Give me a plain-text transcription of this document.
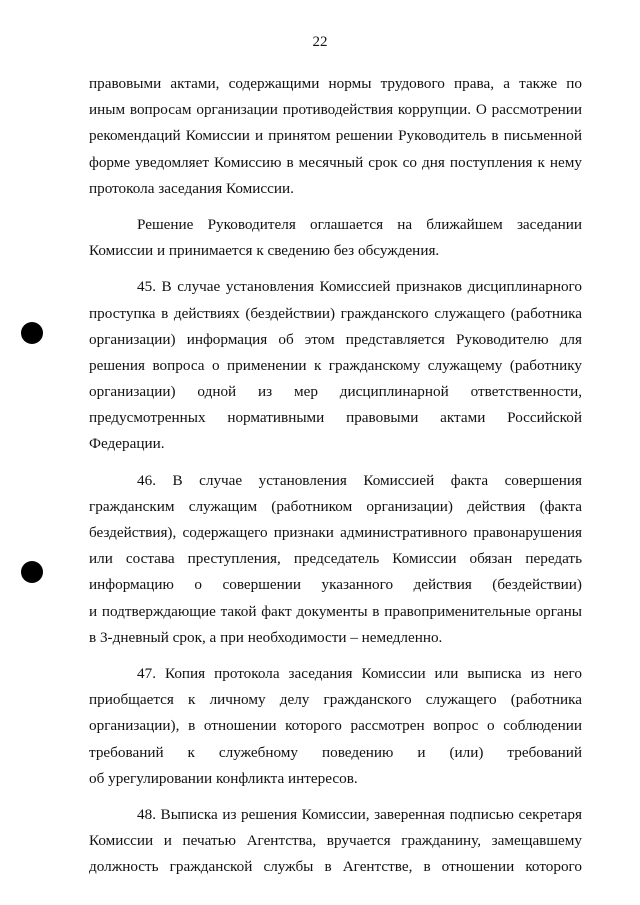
22
правовыми актами, содержащими нормы трудового права, а также по
иным вопросам организации противодействия коррупции. О рассмотрении
рекомендаций Комиссии и принятом решении Руководитель в письменной
форме уведомляет Комиссию в месячный срок со дня поступления к нему
протокола заседания Комиссии.
Решение Руководителя оглашается на ближайшем заседании
Комиссии и принимается к сведению без обсуждения.
45. В случае установления Комиссией признаков дисциплинарного
проступка в действиях (бездействии) гражданского служащего (работника
организации) информация об этом представляется Руководителю для
решения вопроса о применении к гражданскому служащему (работнику
организации) одной из мер дисциплинарной ответственности,
предусмотренных нормативными правовыми актами Российской
Федерации.
46. В случае установления Комиссией факта совершения
гражданским служащим (работником организации) действия (факта
бездействия), содержащего признаки административного правонарушения
или состава преступления, председатель Комиссии обязан передать
информацию о совершении указанного действия (бездействии)
и подтверждающие такой факт документы в правоприменительные органы
в 3-дневный срок, а при необходимости – немедленно.
47. Копия протокола заседания Комиссии или выписка из него
приобщается к личному делу гражданского служащего (работника
организации), в отношении которого рассмотрен вопрос о соблюдении
требований к служебному поведению и (или) требований
об урегулировании конфликта интересов.
48. Выписка из решения Комиссии, заверенная подписью секретаря
Комиссии и печатью Агентства, вручается гражданину, замещавшему
должность гражданской службы в Агентстве, в отношении которого
